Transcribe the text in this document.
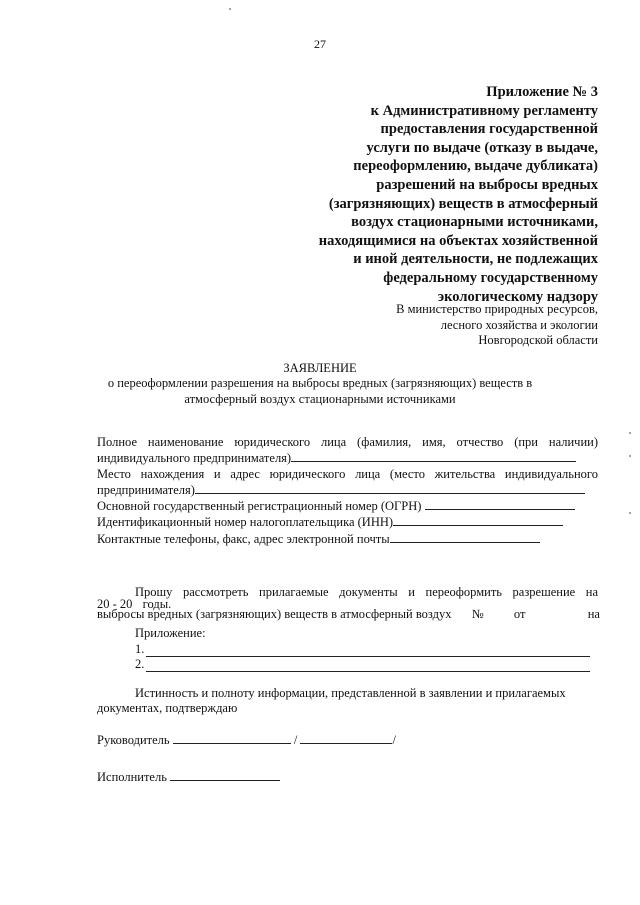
27
Приложение № 3
к Административному регламенту
предоставления государственной
услуги по выдаче (отказу в выдаче,
переоформлению, выдаче дубликата)
разрешений на выбросы вредных
(загрязняющих) веществ в атмосферный
воздух стационарными источниками,
находящимися на объектах хозяйственной
и иной деятельности, не подлежащих
федеральному государственному
экологическому надзору
В министерство природных ресурсов,
лесного хозяйства и экологии
Новгородской области
ЗАЯВЛЕНИЕ
о переоформлении разрешения на выбросы вредных (загрязняющих) веществ в
атмосферный воздух стационарными источниками
Полное наименование юридического лица (фамилия, имя, отчество (при наличии)
индивидуального предпринимателя)
Место нахождения и адрес юридического лица (место жительства индивидуального
предпринимателя)
Основной государственный регистрационный номер (ОГРН)
Идентификационный номер налогоплательщика (ИНН)
Контактные телефоны, факс, адрес электронной почты
Прошу рассмотреть прилагаемые документы и переоформить разрешение на
выбросы вредных (загрязняющих) веществ в атмосферный воздух № от	на
20 - 20 годы.
Приложение:
1.
2.
Истинность и полноту информации, представленной в заявлении и прилагаемых
документах, подтверждаю
Руководитель	/	/
Исполнитель
